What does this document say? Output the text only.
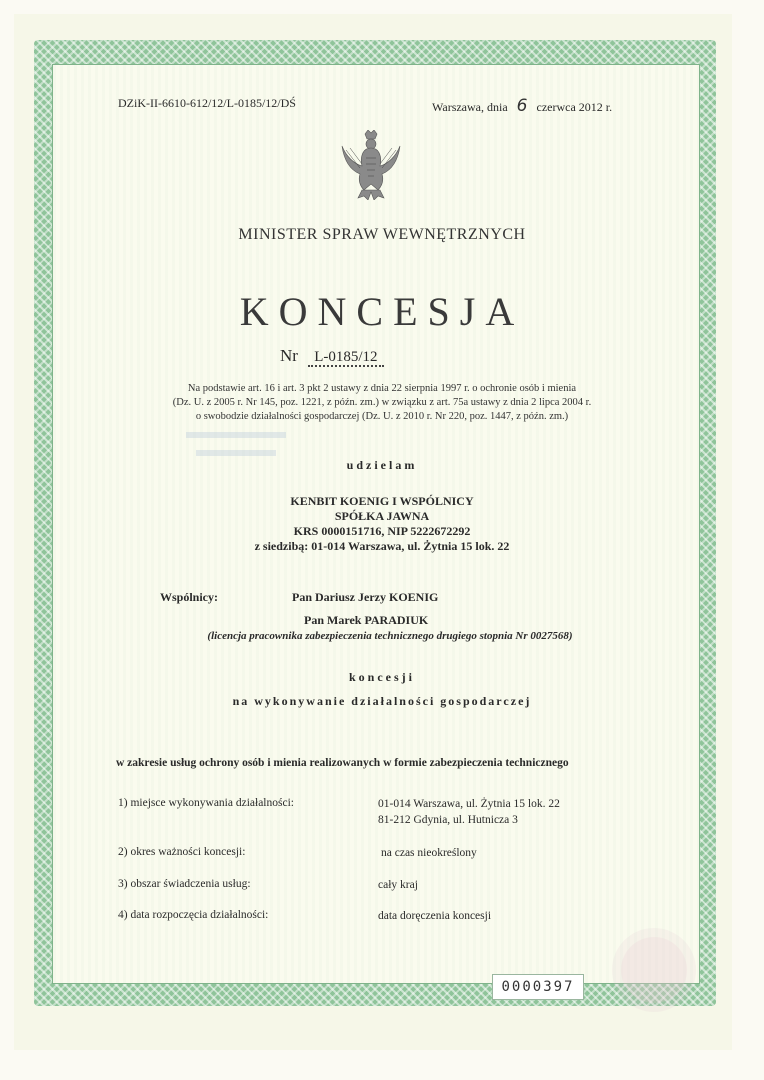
DZiK-II-6610-612/12/L-0185/12/DŚ	Warszawa, dnia 6 czerwca 2012 r.
MINISTER SPRAW WEWNĘTRZNYCH
KONCESJA
Nr L-0185/12
Na podstawie art. 16 i art. 3 pkt 2 ustawy z dnia 22 sierpnia 1997 r. o ochronie osób i mienia
(Dz. U. z 2005 r. Nr 145, poz. 1221, z późn. zm.) w związku z art. 75a ustawy z dnia 2 lipca 2004 r.
o swobodzie działalności gospodarczej (Dz. U. z 2010 r. Nr 220, poz. 1447, z późn. zm.)
udzielam
KENBIT KOENIG I WSPÓLNICY
SPÓŁKA JAWNA
KRS 0000151716, NIP 5222672292
z siedzibą: 01-014 Warszawa, ul. Żytnia 15 lok. 22
Wspólnicy:	Pan Dariusz Jerzy KOENIG
Pan Marek PARADIUK
(licencja pracownika zabezpieczenia technicznego drugiego stopnia Nr 0027568)
koncesji
na wykonywanie działalności gospodarczej
w zakresie usług ochrony osób i mienia realizowanych w formie zabezpieczenia technicznego
1) miejsce wykonywania działalności:	01-014 Warszawa, ul. Żytnia 15 lok. 22
81-212 Gdynia, ul. Hutnicza 3
2) okres ważności koncesji:	na czas nieokreślony
3) obszar świadczenia usług:	cały kraj
4) data rozpoczęcia działalności:	data doręczenia koncesji
0000397
